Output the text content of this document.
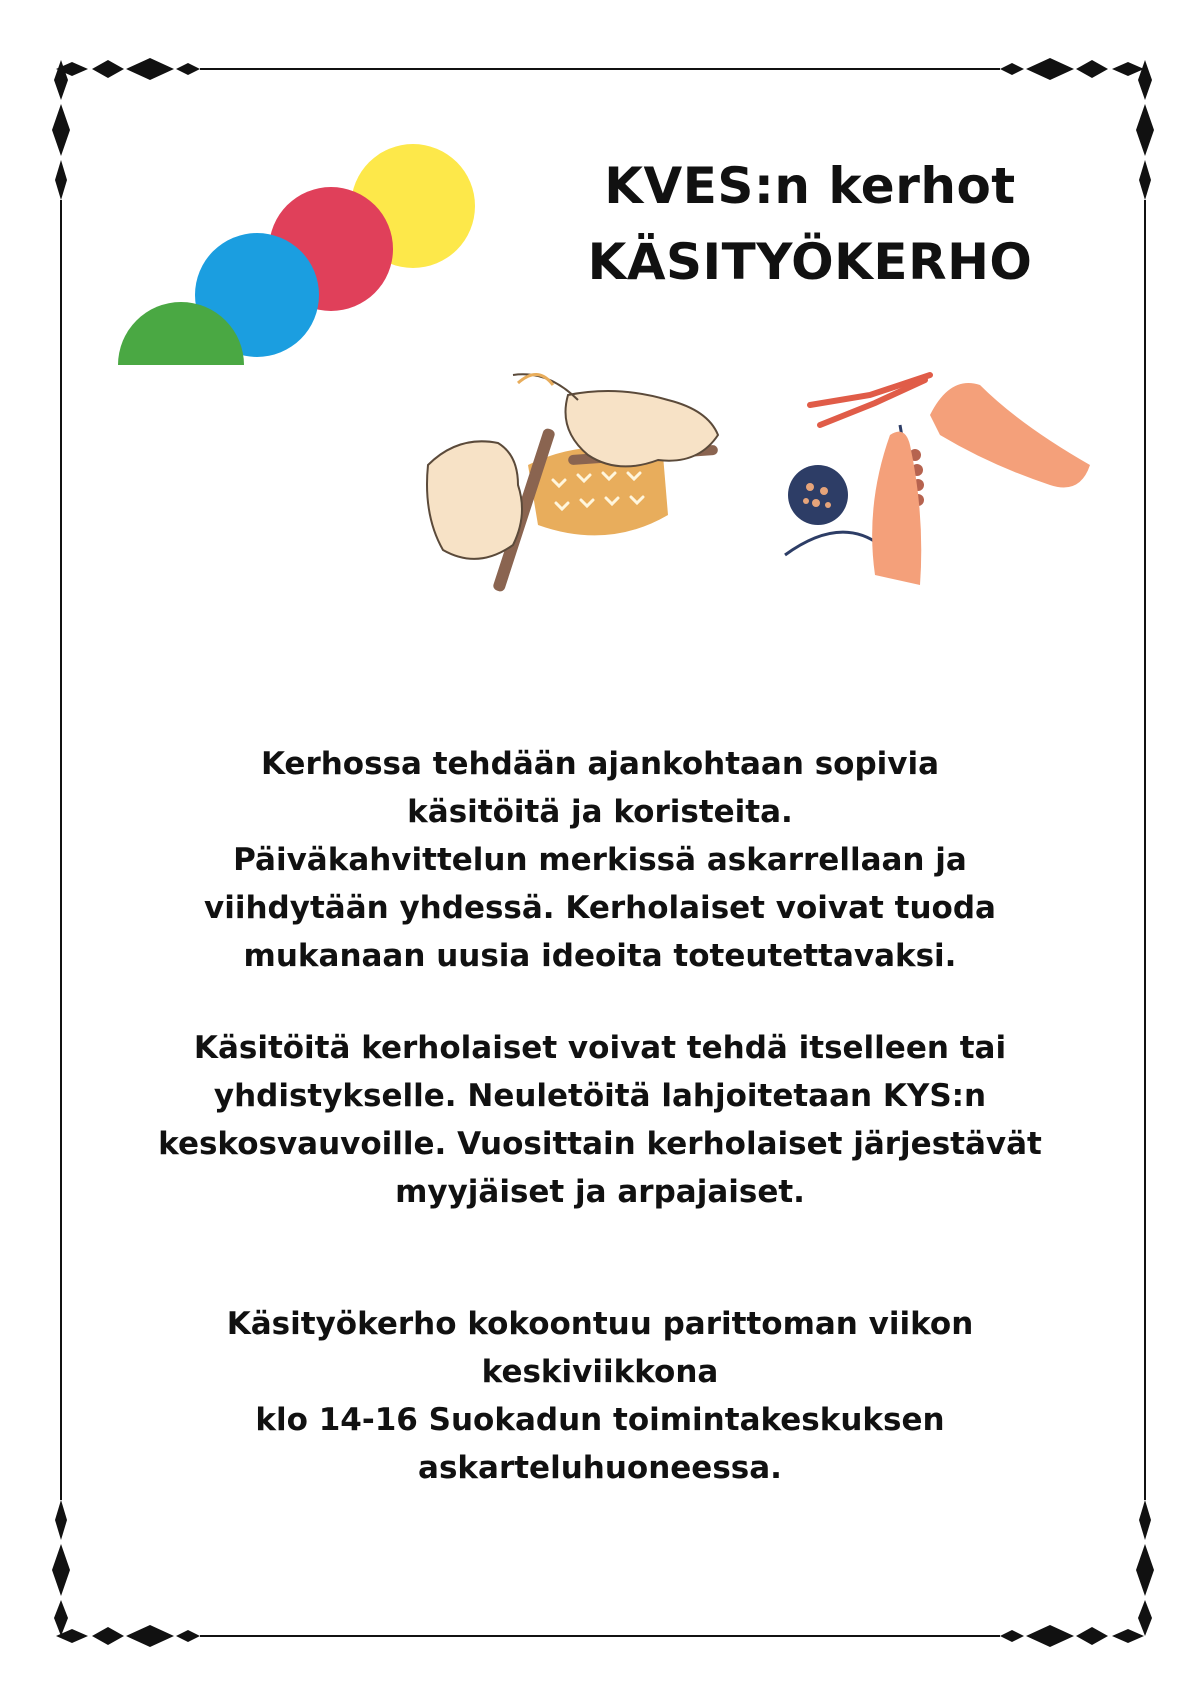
KVES:n kerhot
KÄSITYÖKERHO
Kerhossa tehdään ajankohtaan sopivia
käsitöitä ja koristeita.
Päiväkahvittelun merkissä askarrellaan ja
viihdytään yhdessä. Kerholaiset voivat tuoda
mukanaan uusia ideoita toteutettavaksi.
Käsitöitä kerholaiset voivat tehdä itselleen tai
yhdistykselle. Neuletöitä lahjoitetaan KYS:n
keskosvauvoille. Vuosittain kerholaiset järjestävät
myyjäiset ja arpajaiset.
Käsityökerho kokoontuu parittoman viikon
keskiviikkona
klo 14-16 Suokadun toimintakeskuksen
askarteluhuoneessa.
